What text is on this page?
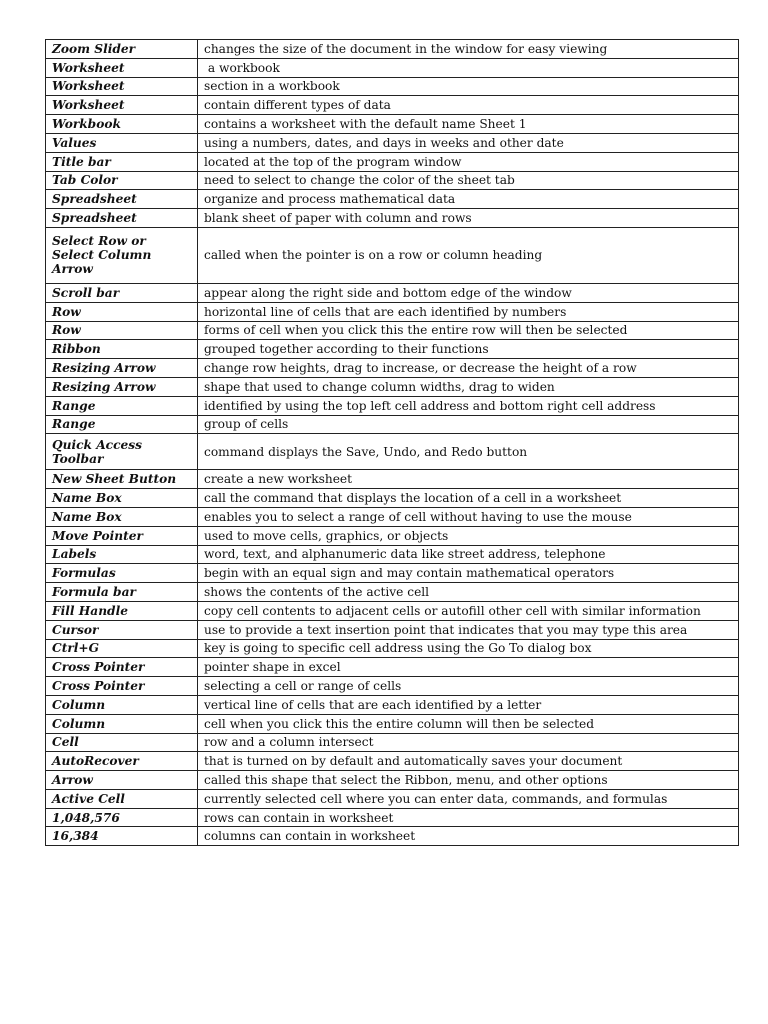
Zoom Slider	changes the size of the document in the window for easy viewing
Worksheet	a workbook
Worksheet	section in a workbook
Worksheet	contain different types of data
Workbook	contains a worksheet with the default name Sheet 1
Values	using a numbers, dates, and days in weeks and other date
Title bar	located at the top of the program window
Tab Color	need to select to change the color of the sheet tab
Spreadsheet	organize and process mathematical data
Spreadsheet	blank sheet of paper with column and rows
Select Row or Select Column Arrow	called when the pointer is on a row or column heading
Scroll bar	appear along the right side and bottom edge of the window
Row	horizontal line of cells that are each identified by numbers
Row	forms of cell when you click this the entire row will then be selected
Ribbon	grouped together according to their functions
Resizing Arrow	change row heights, drag to increase, or decrease the height of a row
Resizing Arrow	shape that used to change column widths, drag to widen
Range	identified by using the top left cell address and bottom right cell address
Range	group of cells
Quick Access Toolbar	command displays the Save, Undo, and Redo button
New Sheet Button	create a new worksheet
Name Box	call the command that displays the location of a cell in a worksheet
Name Box	enables you to select a range of cell without having to use the mouse
Move Pointer	used to move cells, graphics, or objects
Labels	word, text, and alphanumeric data like street address, telephone
Formulas	begin with an equal sign and may contain mathematical operators
Formula bar	shows the contents of the active cell
Fill Handle	copy cell contents to adjacent cells or autofill other cell with similar information
Cursor	use to provide a text insertion point that indicates that you may type this area
Ctrl+G	key is going to specific cell address using the Go To dialog box
Cross Pointer	pointer shape in excel
Cross Pointer	selecting a cell or range of cells
Column	vertical line of cells that are each identified by a letter
Column	cell when you click this the entire column will then be selected
Cell	row and a column intersect
AutoRecover	that is turned on by default and automatically saves your document
Arrow	called this shape that select the Ribbon, menu, and other options
Active Cell	currently selected cell where you can enter data, commands, and formulas
1,048,576	rows can contain in worksheet
16,384	columns can contain in worksheet
